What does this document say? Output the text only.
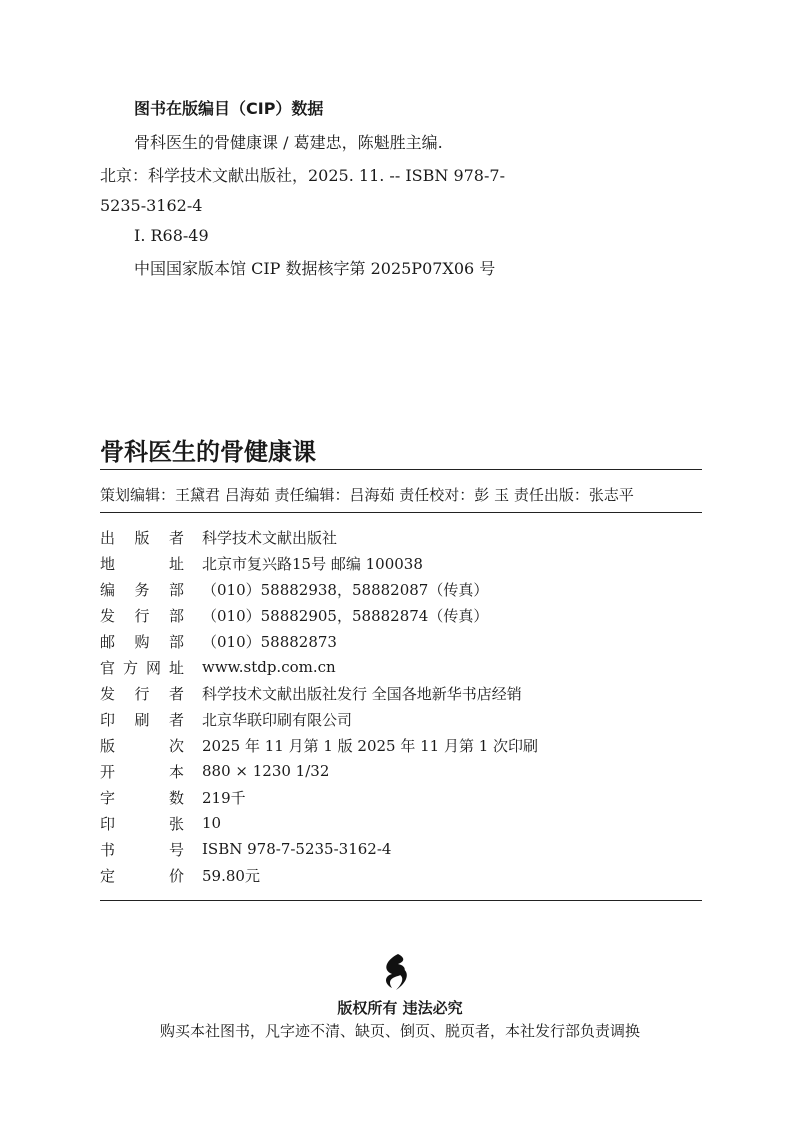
图书在版编目（CIP）数据
骨科医生的骨健康课 / 葛建忠，陈魁胜主编.
北京：科学技术文献出版社，2025. 11. -- ISBN 978-7-
5235-3162-4
Ⅰ. R68-49
中国国家版本馆 CIP 数据核字第 2025P07X06 号
骨科医生的骨健康课
策划编辑：王黛君 吕海茹 责任编辑：吕海茹 责任校对：彭 玉 责任出版：张志平
出 版 者 科学技术文献出版社
地	址 北京市复兴路15号 邮编 100038
编 务 部 （010）58882938，58882087（传真）
发 行 部 （010）58882905，58882874（传真）
邮 购 部 （010）58882873
官 方 网 址 www.stdp.com.cn
发 行 者 科学技术文献出版社发行 全国各地新华书店经销
印 刷 者 北京华联印刷有限公司
版	次 2025 年 11 月第 1 版 2025 年 11 月第 1 次印刷
开	本 880 × 1230 1/32
字	数 219千
印	张 10
书	号 ISBN 978-7-5235-3162-4
定	价 59.80元
版权所有 违法必究
购买本社图书，凡字迹不清、缺页、倒页、脱页者，本社发行部负责调换
